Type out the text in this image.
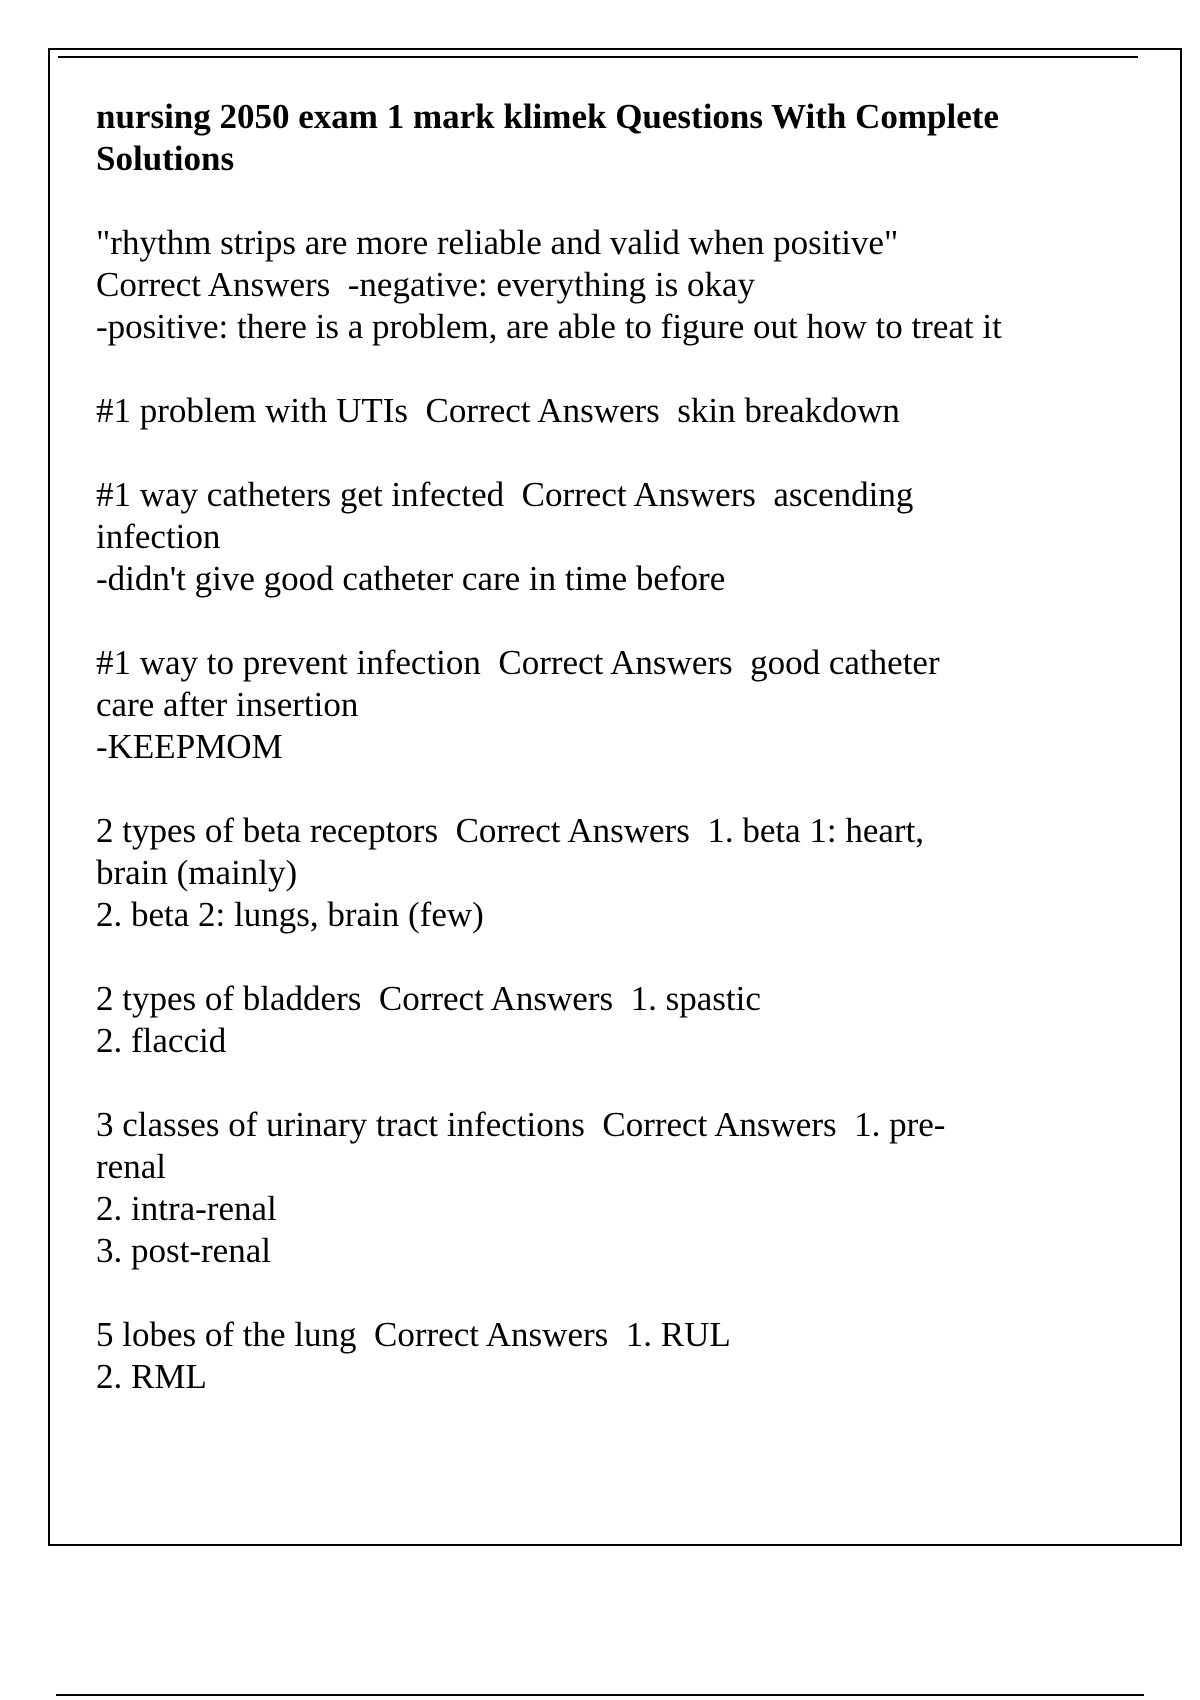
nursing 2050 exam 1 mark klimek Questions With Complete Solutions
"rhythm strips are more reliable and valid when positive"
Correct Answers  -negative: everything is okay
-positive: there is a problem, are able to figure out how to treat it
#1 problem with UTIs  Correct Answers  skin breakdown
#1 way catheters get infected  Correct Answers  ascending
infection
-didn't give good catheter care in time before
#1 way to prevent infection  Correct Answers  good catheter
care after insertion
-KEEPMOM
2 types of beta receptors  Correct Answers  1. beta 1: heart,
brain (mainly)
2. beta 2: lungs, brain (few)
2 types of bladders  Correct Answers  1. spastic
2. flaccid
3 classes of urinary tract infections  Correct Answers  1. pre-
renal
2. intra-renal
3. post-renal
5 lobes of the lung  Correct Answers  1. RUL
2. RML
